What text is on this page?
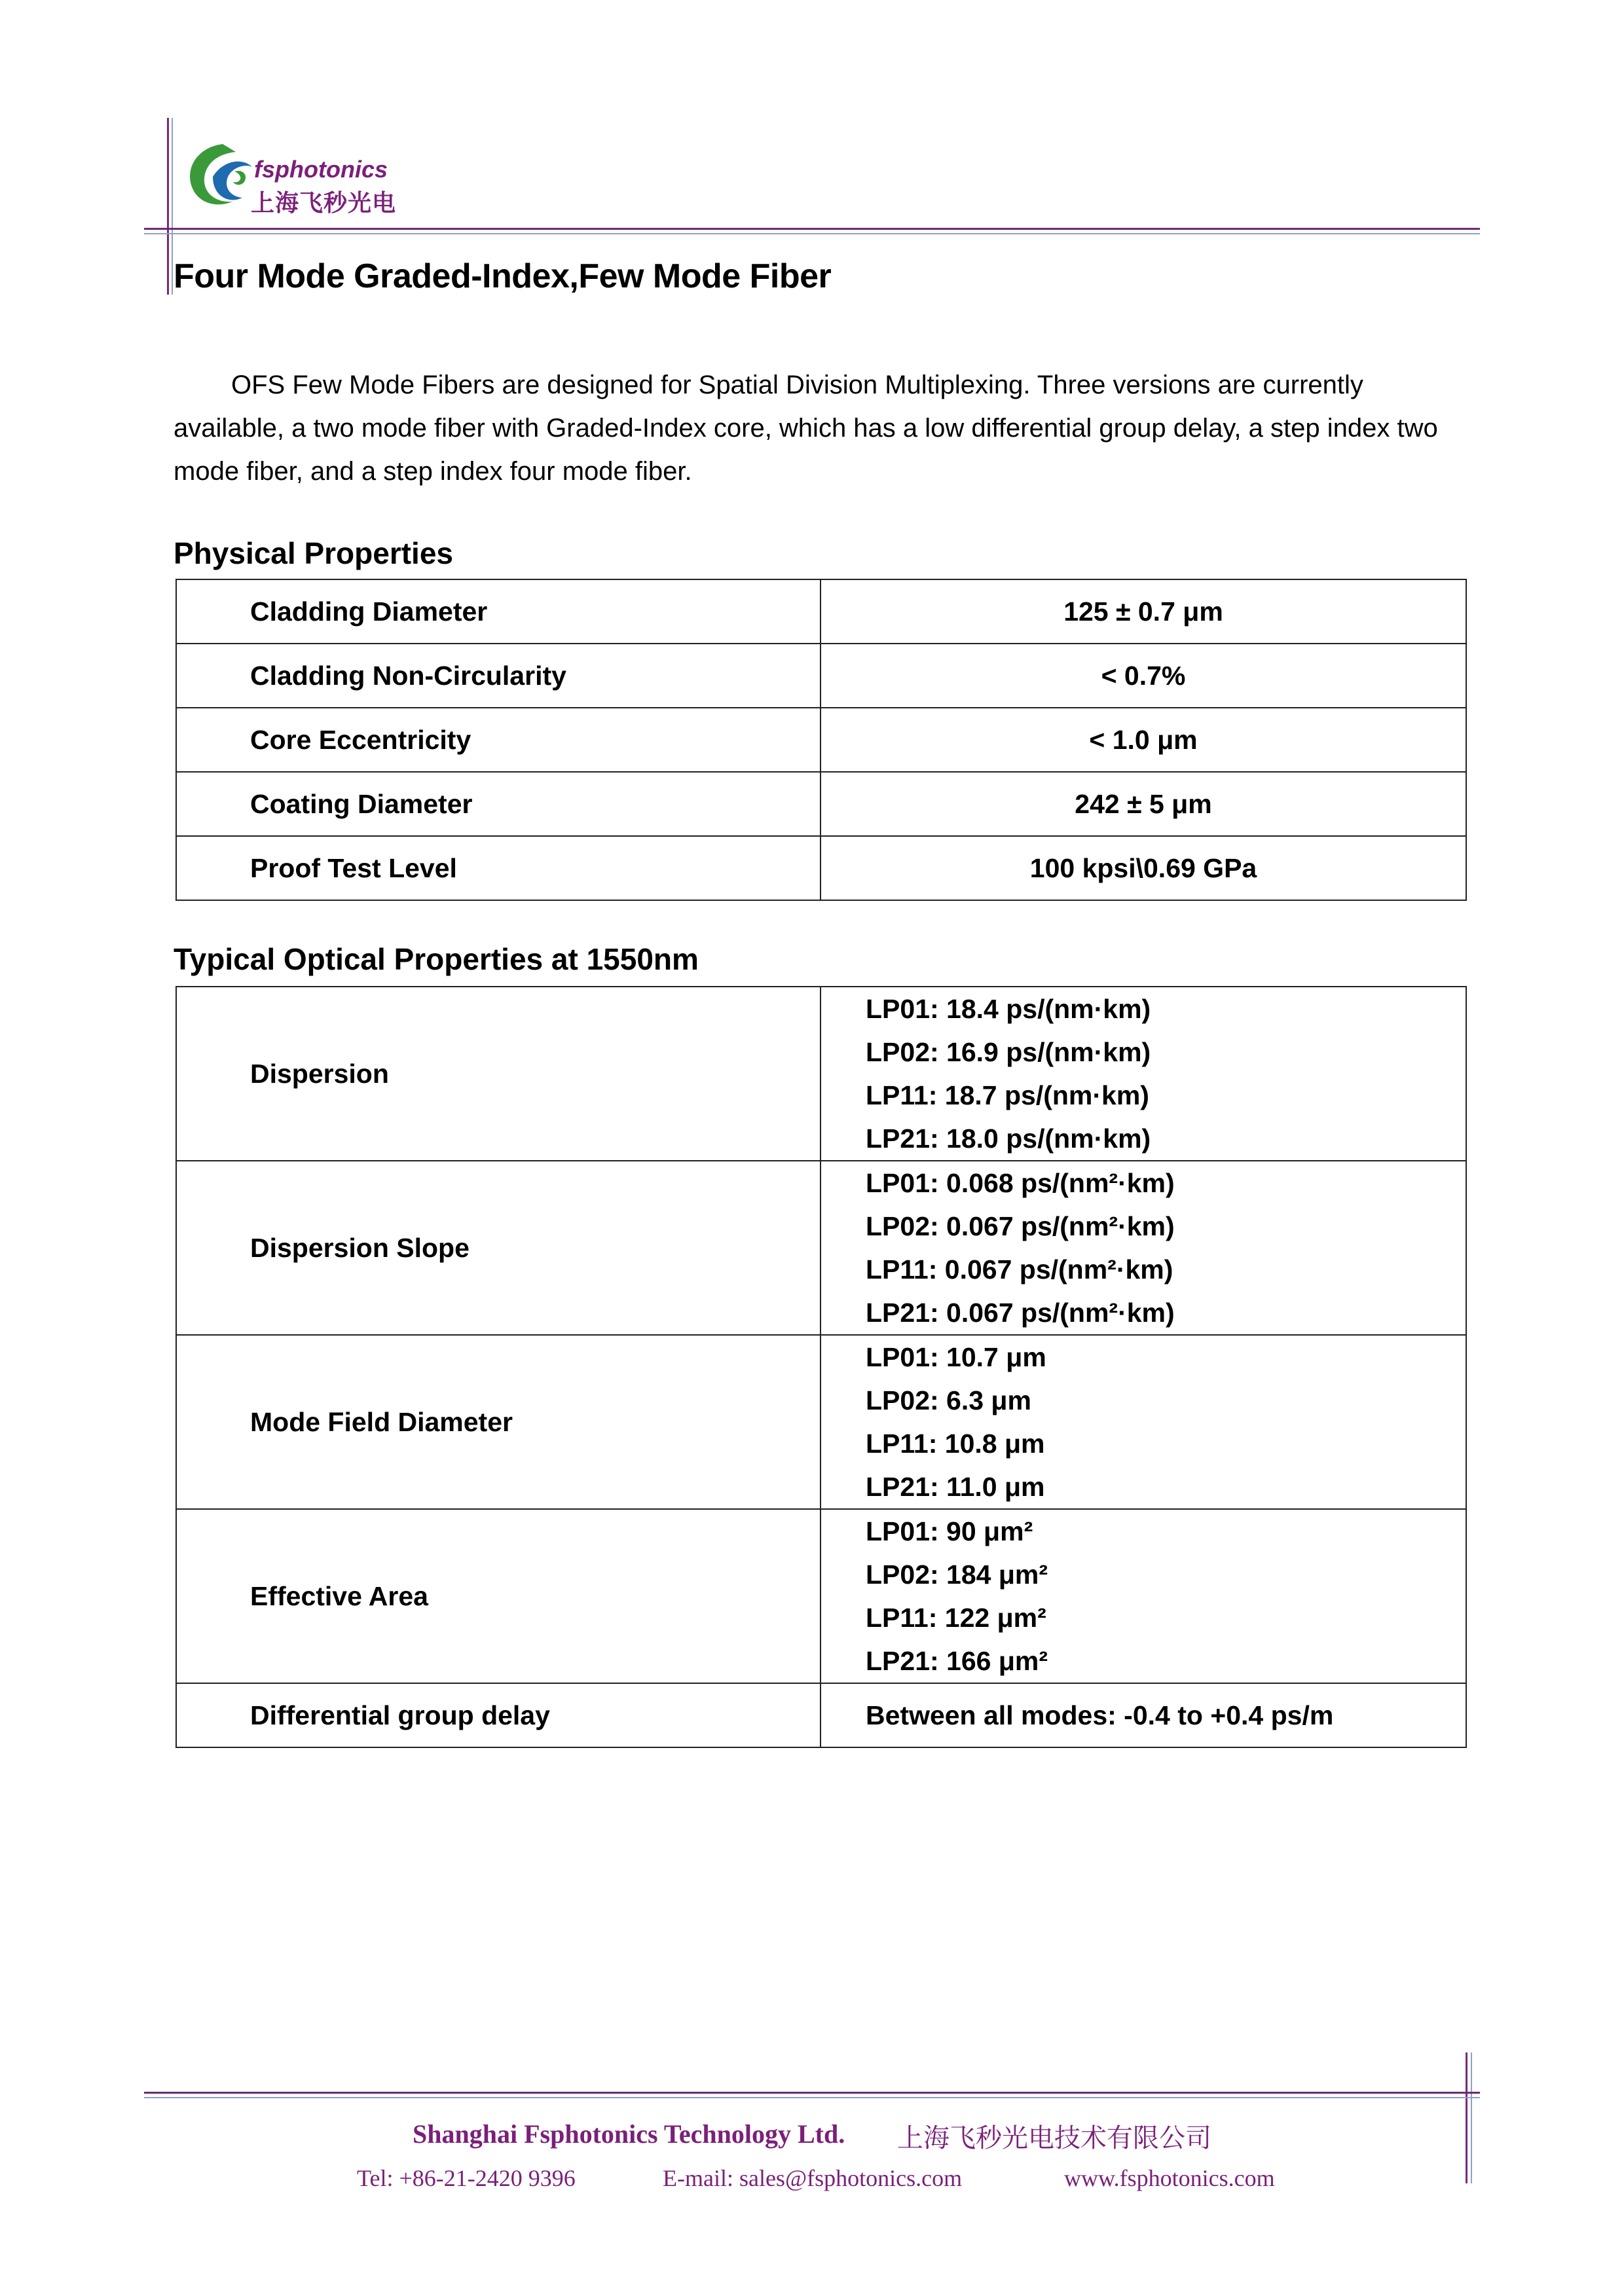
fsphotonics
上海飞秒光电
Four Mode Graded-Index,Few Mode Fiber
OFS Few Mode Fibers are designed for Spatial Division Multiplexing. Three versions are currently available, a two mode fiber with Graded-Index core, which has a low differential group delay, a step index two mode fiber, and a step index four mode fiber.
Physical Properties
Cladding Diameter	125 ± 0.7 μm
Cladding Non-Circularity	< 0.7%
Core Eccentricity	< 1.0 μm
Coating Diameter	242 ± 5 μm
Proof Test Level	100 kpsi\0.69 GPa
Typical Optical Properties at 1550nm
Dispersion	LP01: 18.4 ps/(nm·km)
LP02: 16.9 ps/(nm·km)
LP11: 18.7 ps/(nm·km)
LP21: 18.0 ps/(nm·km)

Dispersion Slope	LP01: 0.068 ps/(nm²·km)
LP02: 0.067 ps/(nm²·km)
LP11: 0.067 ps/(nm²·km)
LP21: 0.067 ps/(nm²·km)

Mode Field Diameter	LP01: 10.7 μm
LP02: 6.3 μm
LP11: 10.8 μm
LP21: 11.0 μm

Effective Area	LP01: 90 μm²
LP02: 184 μm²
LP11: 122 μm²
LP21: 166 μm²

Differential group delay	Between all modes: -0.4 to +0.4 ps/m
Shanghai Fsphotonics Technology Ltd. 上海飞秒光电技术有限公司
Tel: +86-21-2420 9396	E-mail: sales@fsphotonics.com	www.fsphotonics.com
